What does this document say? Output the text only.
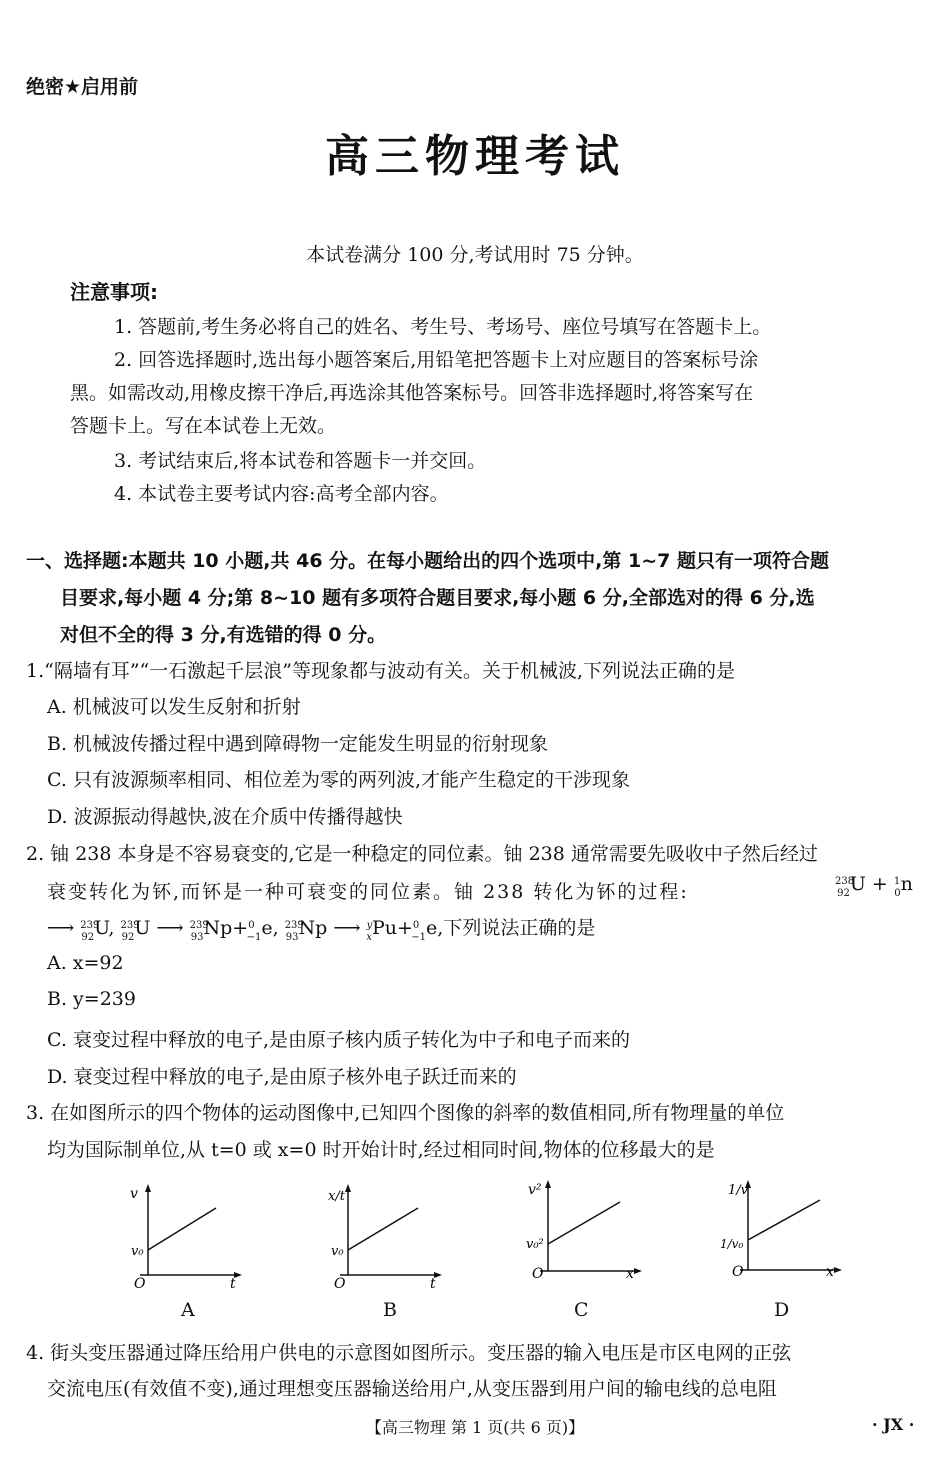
绝密★启用前
高三物理考试
本试卷满分 100 分,考试用时 75 分钟。
注意事项:
1. 答题前,考生务必将自己的姓名、考生号、考场号、座位号填写在答题卡上。
2. 回答选择题时,选出每小题答案后,用铅笔把答题卡上对应题目的答案标号涂
黑。如需改动,用橡皮擦干净后,再选涂其他答案标号。回答非选择题时,将答案写在
答题卡上。写在本试卷上无效。
3. 考试结束后,将本试卷和答题卡一并交回。
4. 本试卷主要考试内容:高考全部内容。
一、选择题:本题共 10 小题,共 46 分。在每小题给出的四个选项中,第 1~7 题只有一项符合题
目要求,每小题 4 分;第 8~10 题有多项符合题目要求,每小题 6 分,全部选对的得 6 分,选
对但不全的得 3 分,有选错的得 0 分。
1.“隔墙有耳”“一石激起千层浪”等现象都与波动有关。关于机械波,下列说法正确的是
A. 机械波可以发生反射和折射
B. 机械波传播过程中遇到障碍物一定能发生明显的衍射现象
C. 只有波源频率相同、相位差为零的两列波,才能产生稳定的干涉现象
D. 波源振动得越快,波在介质中传播得越快
2. 铀 238 本身是不容易衰变的,它是一种稳定的同位素。铀 238 通常需要先吸收中子然后经过
衰变转化为钚,而钚是一种可衰变的同位素。铀 238 转化为钚的过程:	$^{238}_{92}$U + $^1_0$n
⟶ $^{239}_{92}$U, $^{239}_{92}$U ⟶ $^{239}_{93}$Np+$^0_{-1}$e, $^{239}_{93}$Np ⟶ $^y_x$Pu+$^0_{-1}$e,下列说法正确的是
A. x=92
B. y=239
C. 衰变过程中释放的电子,是由原子核内质子转化为中子和电子而来的
D. 衰变过程中释放的电子,是由原子核外电子跃迁而来的
3. 在如图所示的四个物体的运动图像中,已知四个图像的斜率的数值相同,所有物理量的单位
均为国际制单位,从 t=0 或 x=0 时开始计时,经过相同时间,物体的位移最大的是
v
t
v₀
O
A
x/t
t
v₀
O
B
v²
x
v₀²
O
C
1/v
x
1/v₀
O
D
4. 街头变压器通过降压给用户供电的示意图如图所示。变压器的输入电压是市区电网的正弦
交流电压(有效值不变),通过理想变压器输送给用户,从变压器到用户间的输电线的总电阻
【高三物理 第 1 页(共 6 页)】	· JX ·
